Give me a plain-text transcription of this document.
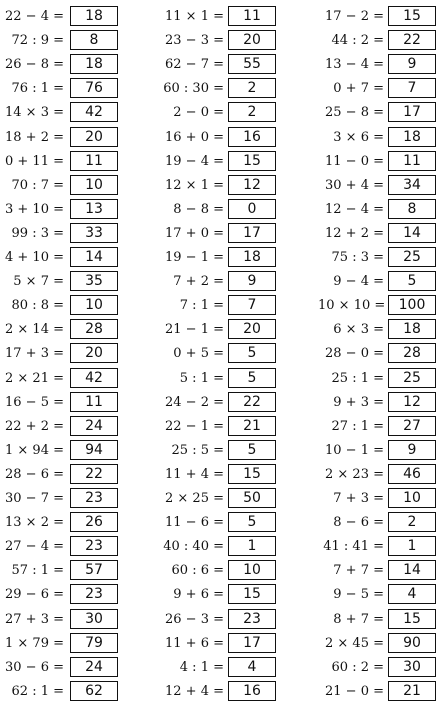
22 − 4 =	18
72 : 9 =	8
26 − 8 =	18
76 : 1 =	76
14 × 3 =	42
18 + 2 =	20
0 + 11 =	11
70 : 7 =	10
3 + 10 =	13
99 : 3 =	33
4 + 10 =	14
5 × 7 =	35
80 : 8 =	10
2 × 14 =	28
17 + 3 =	20
2 × 21 =	42
16 − 5 =	11
22 + 2 =	24
1 × 94 =	94
28 − 6 =	22
30 − 7 =	23
13 × 2 =	26
27 − 4 =	23
57 : 1 =	57
29 − 6 =	23
27 + 3 =	30
1 × 79 =	79
30 − 6 =	24
62 : 1 =	62
11 × 1 =	11
23 − 3 =	20
62 − 7 =	55
60 : 30 =	2
2 − 0 =	2
16 + 0 =	16
19 − 4 =	15
12 × 1 =	12
8 − 8 =	0
17 + 0 =	17
19 − 1 =	18
7 + 2 =	9
7 : 1 =	7
21 − 1 =	20
0 + 5 =	5
5 : 1 =	5
24 − 2 =	22
22 − 1 =	21
25 : 5 =	5
11 + 4 =	15
2 × 25 =	50
11 − 6 =	5
40 : 40 =	1
60 : 6 =	10
9 + 6 =	15
26 − 3 =	23
11 + 6 =	17
4 : 1 =	4
12 + 4 =	16
17 − 2 =	15
44 : 2 =	22
13 − 4 =	9
0 + 7 =	7
25 − 8 =	17
3 × 6 =	18
11 − 0 =	11
30 + 4 =	34
12 − 4 =	8
12 + 2 =	14
75 : 3 =	25
9 − 4 =	5
10 × 10 = 100
6 × 3 =	18
28 − 0 =	28
25 : 1 =	25
9 + 3 =	12
27 : 1 =	27
10 − 1 =	9
2 × 23 =	46
7 + 3 =	10
8 − 6 =	2
41 : 41 =	1
7 + 7 =	14
9 − 5 =	4
8 + 7 =	15
2 × 45 =	90
60 : 2 =	30
21 − 0 =	21
